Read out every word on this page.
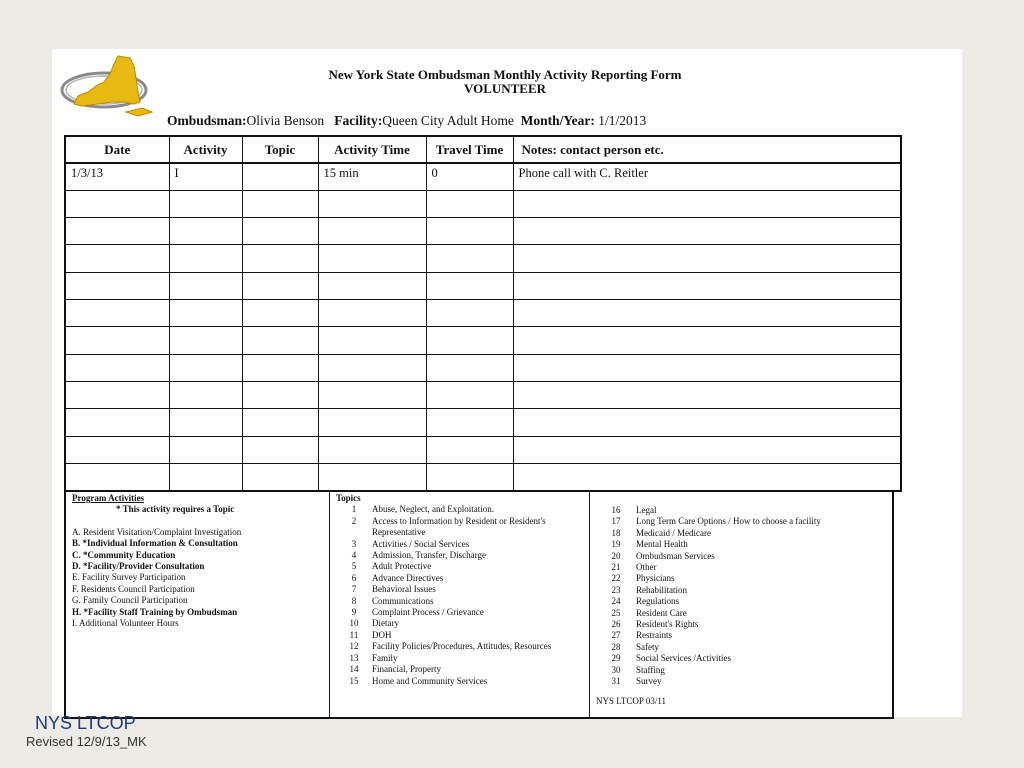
New York State Ombudsman Monthly Activity Reporting Form
VOLUNTEER
Ombudsman:Olivia Benson Facility:Queen City Adult Home Month/Year: 1/1/2013
Date	Activity	Topic	Activity Time	Travel Time	Notes: contact person etc.
1/3/13	I		15 min	0	Phone call with C. Reitler

Program Activities
* This activity requires a Topic
A. Resident Visitation/Complaint Investigation
B. *Individual Information & Consultation
C. *Community Education
D. *Facility/Provider Consultation
E. Facility Survey Participation
F. Residents Council Participation
G. Family Council Participation
H. *Facility Staff Training by Ombudsman
I. Additional Volunteer Hours
Topics
1	Abuse, Neglect, and Exploitation.
2	Access to Information by Resident or Resident's Representative
3	Activities / Social Services
4	Admission, Transfer, Discharge
5	Adult Protective
6	Advance Directives
7	Behavioral Issues
8	Communications
9	Complaint Process / Grievance
10	Dietary
11	DOH
12	Facility Policies/Procedures, Attitudes, Resources
13	Family
14	Financial, Property
15	Home and Community Services
16	Legal
17	Long Term Care Options / How to choose a facility
18	Medicaid / Medicare
19	Mental Health
20	Ombudsman Services
21	Other
22	Physicians
23	Rehabilitation
24	Regulations
25	Resident Care
26	Resident's Rights
27	Restraints
28	Safety
29	Social Services /Activities
30	Staffing
31	Survey
NYS LTCOP 03/11
NYS LTCOP
Revised 12/9/13_MK
